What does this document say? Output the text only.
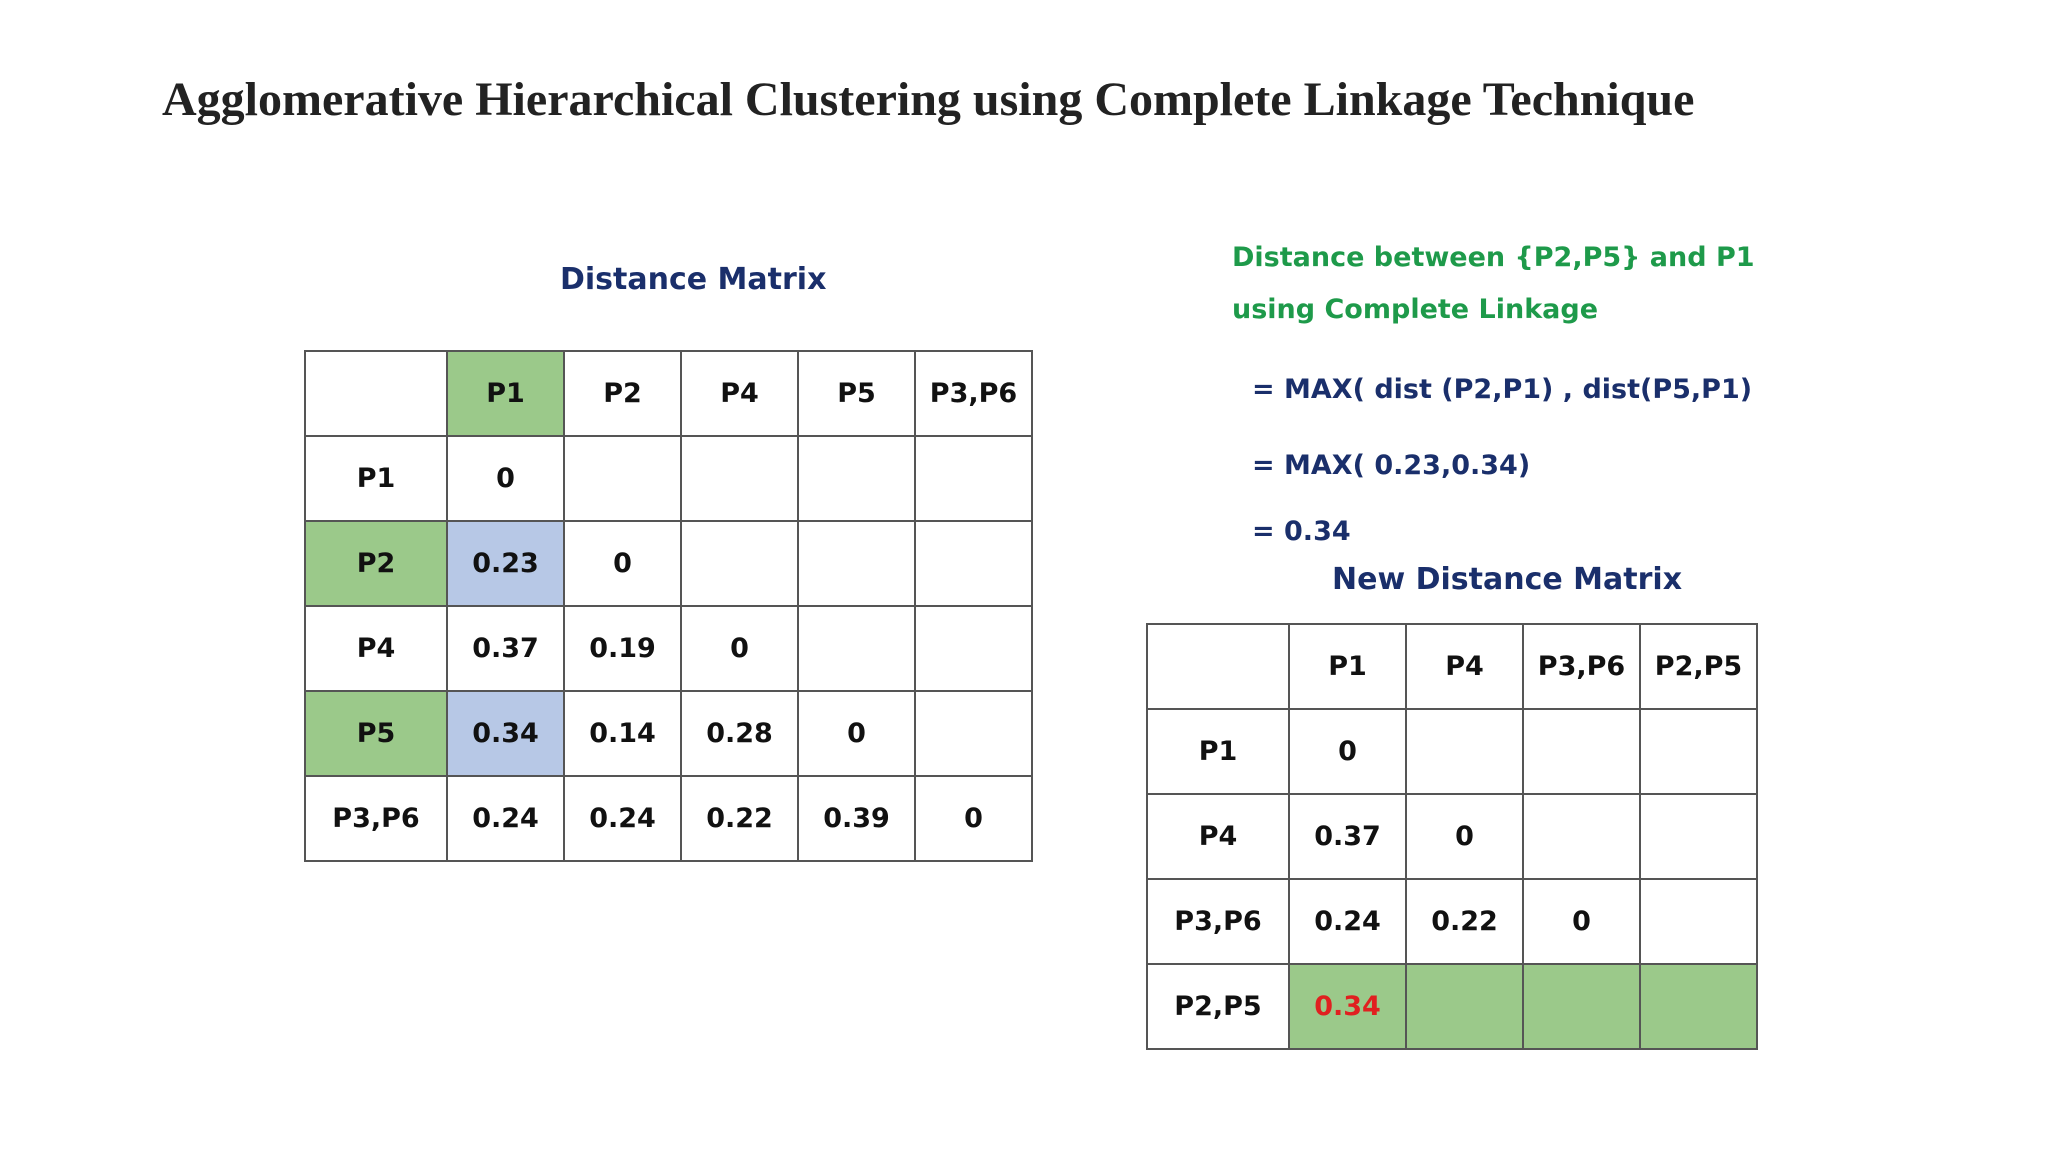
Agglomerative Hierarchical Clustering using Complete Linkage Technique
Distance Matrix
	P1	P2	P4	P5	P3,P6
P1	0				
P2	0.23	0			
P4	0.37	0.19	0		
P5	0.34	0.14	0.28	0	
P3,P6	0.24	0.24	0.22	0.39	0
Distance between {P2,P5} and P1
using Complete Linkage
= MAX( dist (P2,P1) , dist(P5,P1)
= MAX( 0.23,0.34)
= 0.34
New Distance Matrix
	P1	P4	P3,P6	P2,P5
P1	0			
P4	0.37	0		
P3,P6	0.24	0.22	0	
P2,P5	0.34			
